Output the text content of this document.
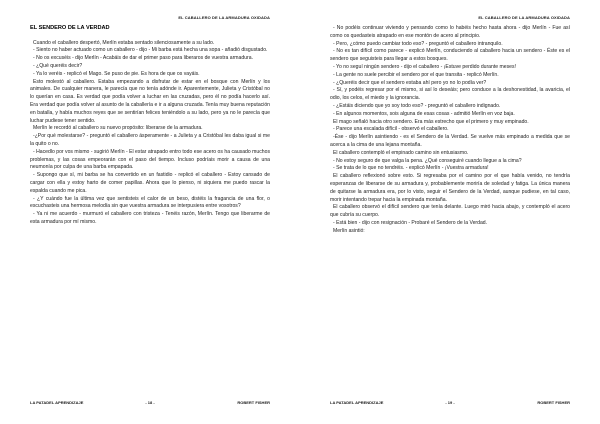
EL CABALLERO DE LA ARMADURA OXIDADA
EL SENDERO DE LA VERDAD

Cuando el caballero despertó, Merlín estaba sentado silenciosamente a su lado.

- Siento no haber actuado como un caballero - dijo - Mi barba está hecha una sopa - añadió disgustado.

- No os excuséis - dijo Merlín - Acabáis de dar el primer paso para liberaros de vuestra armadura.

- ¿Qué queréis decir?

- Ya lo veréis - replicó el Mago. Se puso de pie. Es hora de que os vayáis.

Esto molestó al caballero. Estaba empezando a disfrutar de estar en el bosque con Merlín y los animales. De cualquier manera, le parecía que no tenía adónde ir. Aparentemente, Julieta y Cristóbal no lo querían en casa. Es verdad que podía volver a luchar en las cruzadas, pero él no podía hacerlo así. Era verdad que podía volver al asunto de la caballería e ir a alguna cruzada. Tenía muy buena reputación en batalla, y había muchos reyes que se sentirían felices teniéndolo a su lado, pero ya no le parecía que luchar pudiese tener sentido.

Merlín le recordó al caballero su nuevo propósito: liberarse de la armadura.

-¿Por qué molestarse? - preguntó el caballero ásperamente - a Julieta y a Cristóbal les daba igual si me la quito o no.

- Hacedlo por vos mismo - sugirió Merlín - El estar atrapado entro todo ese acero os ha causado muchos problemas, y las cosas empeorarán con el paso del tiempo. Incluso podríais morir a causa de una neumonía por culpa de una barba empapada.

- Supongo que sí, mi barba se ha convertido en un fastidio - replicó el caballero - Estoy cansado de cargar con ella y estoy harto de comer papillas. Ahora que lo pienso, ni siquiera me puedo rascar la espalda cuando me pica.

- ¿Y cuándo fue la última vez que sentisteis el calor de un beso, distéis la fragancia de una flor, o escuchasteis una hermosa melodía sin que vuestra armadura se interpusiera entre vosotros?

- Ya ni me acuerdo - murmuró el caballero con tristeza - Tenéis razón, Merlín. Tengo que liberarme de esta armadura por mí mismo.

LA PATADEL APRENDIZAJE	- 18 -	ROBERT FISHER
EL CABALLERO DE LA ARMADURA OXIDADA

- No podéis continuar viviendo y pensando como lo habéis hecho hasta ahora - dijo Merlín - Fue así como os quedasteis atrapado en ese montón de acero al principio.

- Pero, ¿cómo puedo cambiar todo eso? - preguntó el caballero intranquilo.

- No es tan difícil como parece - explicó Merlín, conduciendo al caballero hacia un sendero - Éste es el sendero que seguisteis para llegar a estos bosques.

- Yo no seguí ningún sendero - dijo el caballero - ¡Estuve perdido durante meses!

- La gente no suele percibir el sendero por el que transita - replicó Merlín.

- ¿Queréis decir que el sendero estaba ahí pero yo no lo podía ver?

- Sí, y podéis regresar por el mismo, si así lo deseáis; pero conduce a la deshonestidad, la avaricia, el odio, los celos, el miedo y la ignorancia.

- ¿Estáis diciendo que yo soy todo eso? - preguntó el caballero indignado.

- En algunos momentos, sois alguna de esas cosas - admitió Merlín en voz baja.

El mago señaló hacia otro sendero. Era más estrecho que el primero y muy empinado.

- Parece una escalada difícil - observó el caballero.

-Ése - dijo Merlín asintiendo - es el Sendero de la Verdad. Se vuelve más empinado a medida que se acerca a la cima de una lejana montaña.

El caballero contempló el empinado camino sin entusiasmo.

- No estoy seguro de que valga la pena. ¿Qué conseguiré cuando llegue a la cima?

- Se trata de lo que no tendréis. - explicó Merlín - ¡Vuestra armadura!

El caballero reflexionó sobre esto. Si regresaba por el camino por el que había venido, no tendría esperanzas de liberarse de su armadura y, probablemente moriría de soledad y fatiga. La única manera de quitarse la armadura era, por lo visto, seguir el Sendero de la Verdad, aunque pudiese, en tal caso, morir intentando trepar hacia la empinada montaña.

El caballero observó el difícil sendero que tenía delante. Luego miró hacia abajo, y contempló el acero que cubría su cuerpo.

- Está bien - dijo con resignación - Probaré el Sendero de la Verdad.

Merlín asintió:

LA PATADEL APRENDIZAJE	- 19 -	ROBERT FISHER
